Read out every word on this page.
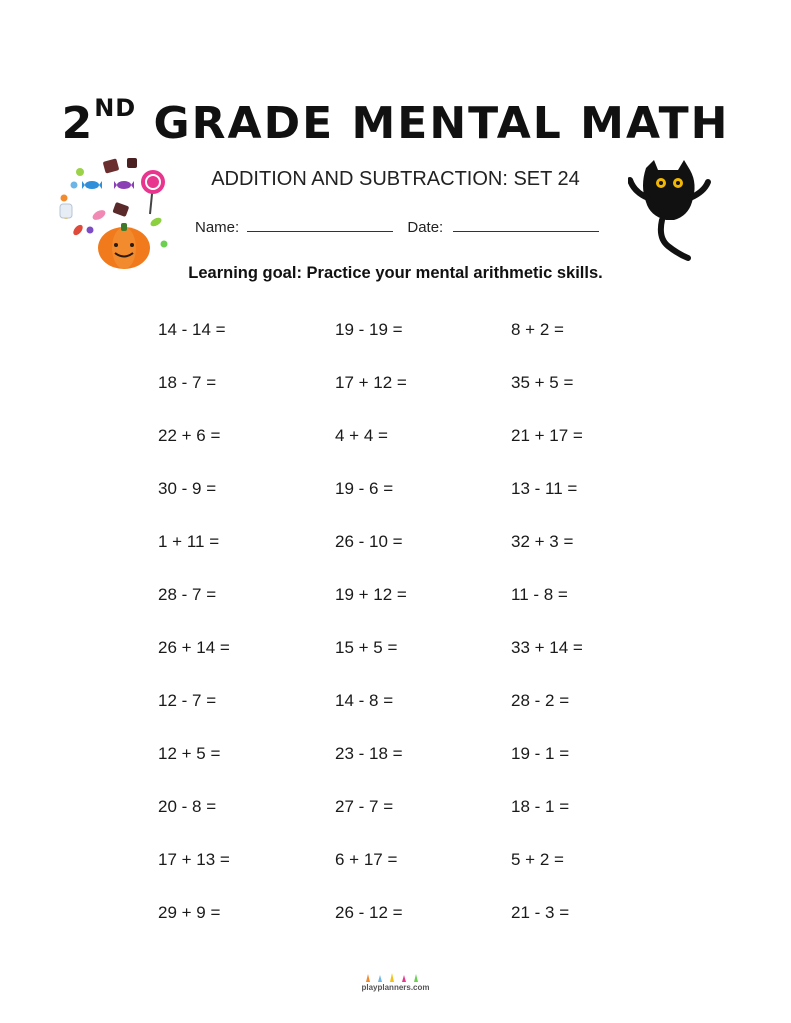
2ND GRADE MENTAL MATH
ADDITION AND SUBTRACTION: SET 24
Name:	Date:
Learning goal: Practice your mental arithmetic skills.
14 - 14 =	19 - 19 =	8 + 2 =
18 - 7 =	17 + 12 =	35 + 5 =
22 + 6 =	4 + 4 =	21 + 17 =
30 - 9 =	19 - 6 =	13 - 11 =
1 + 11 =	26 - 10 =	32 + 3 =
28 - 7 =	19 + 12 =	11 - 8 =
26 + 14 =	15 + 5 =	33 + 14 =
12 - 7 =	14 - 8 =	28 - 2 =
12 + 5 =	23 - 18 =	19 - 1 =
20 - 8 =	27 - 7 =	18 - 1 =
17 + 13 =	6 + 17 =	5 + 2 =
29 + 9 =	26 - 12 =	21 - 3 =
playplanners.com
